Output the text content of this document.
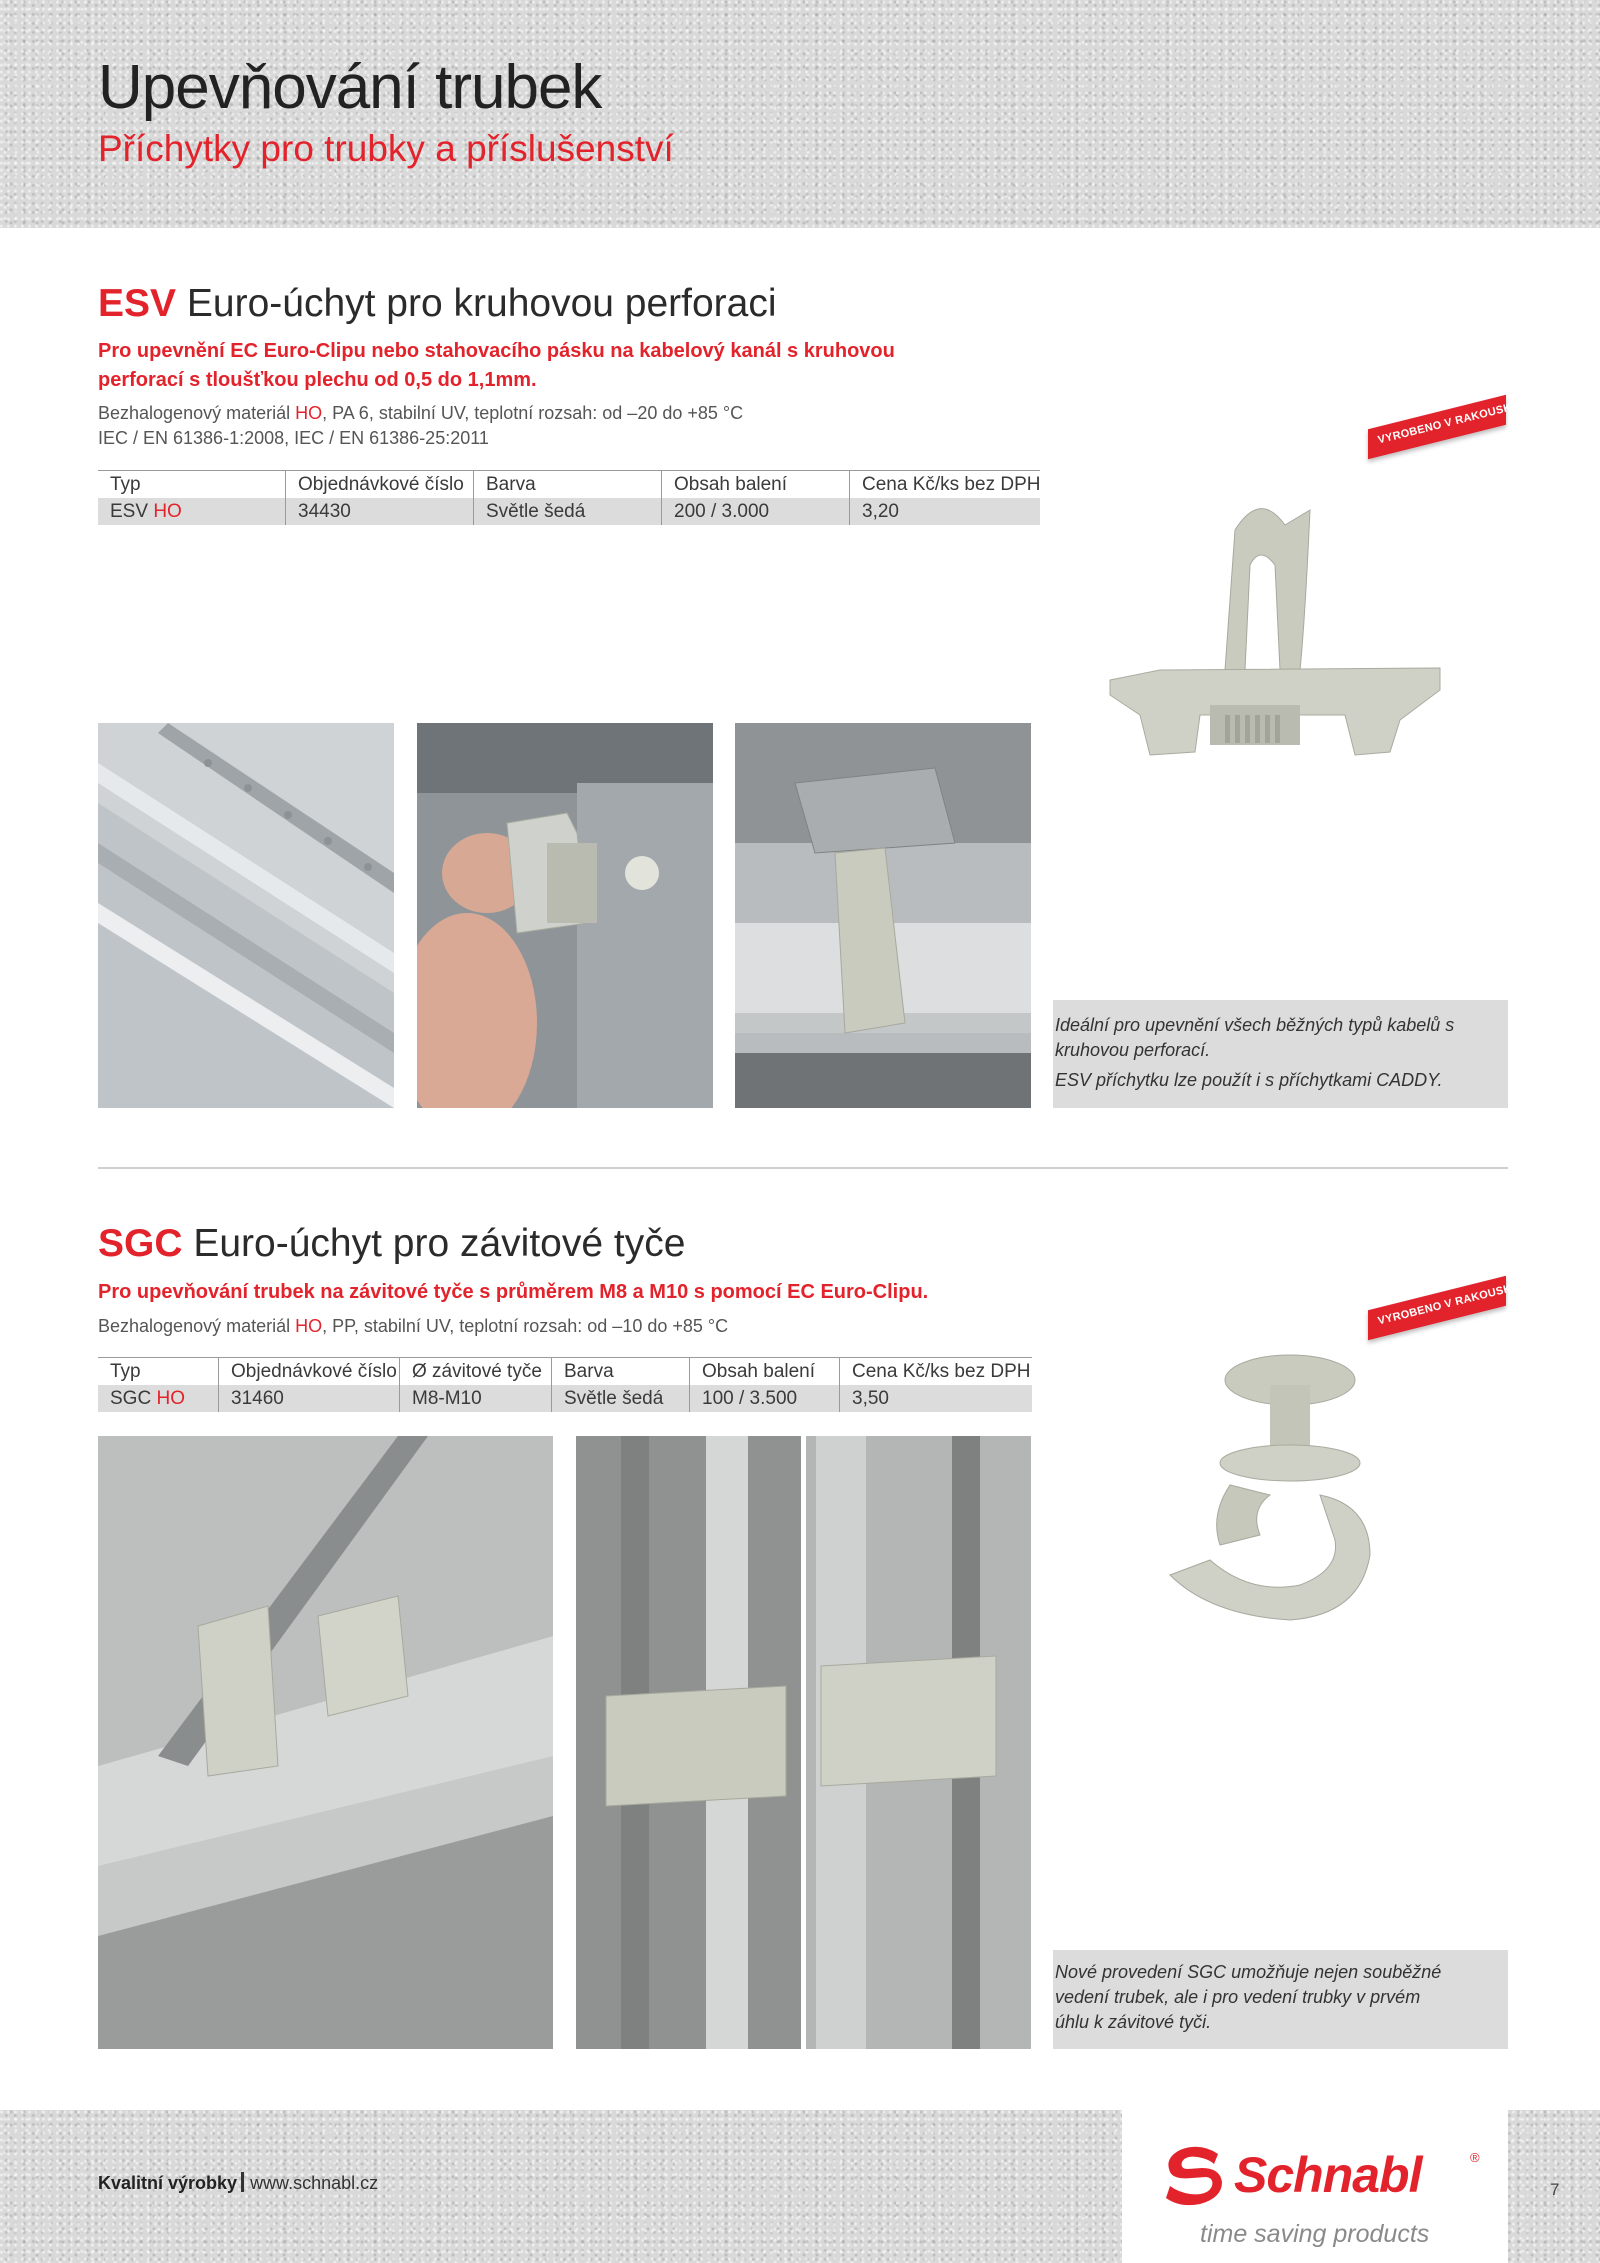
Upevňování trubek
Příchytky pro trubky a příslušenství
ESV Euro-úchyt pro kruhovou perforaci
Pro upevnění EC Euro-Clipu nebo stahovacího pásku na kabelový kanál s kruhovou
perforací s tloušťkou plechu od 0,5 do 1,1mm.
Bezhalogenový materiál HO, PA 6, stabilní UV, teplotní rozsah: od –20 do +85 °C
IEC / EN 61386-1:2008, IEC / EN 61386-25:2011
Typ	Objednávkové číslo	Barva	Obsah balení	Cena Kč/ks bez DPH
ESV HO	34430	Světle šedá	200 / 3.000	3,20
VYROBENO V RAKOUSKU

Ideální pro upevnění všech běžných typů kabelů s

kruhovou perforací.

ESV příchytku lze použít i s příchytkami CADDY.

SGC Euro-úchyt pro závitové tyče
Pro upevňování trubek na závitové tyče s průměrem M8 a M10 s pomocí EC Euro-Clipu.
Bezhalogenový materiál HO, PP, stabilní UV, teplotní rozsah: od –10 do +85 °C
Typ	Objednávkové číslo	Ø závitové tyče	Barva	Obsah balení	Cena Kč/ks bez DPH
SGC HO	31460	M8-M10	Světle šedá	100 / 3.500	3,50
VYROBENO V RAKOUSKU

Nové provedení SGC umožňuje nejen souběžné

vedení trubek, ale i pro vedení trubky v prvém

úhlu k závitové tyči.

Kvalitní výrobky www.schnabl.cz	Schnabl	®
time saving products
7
